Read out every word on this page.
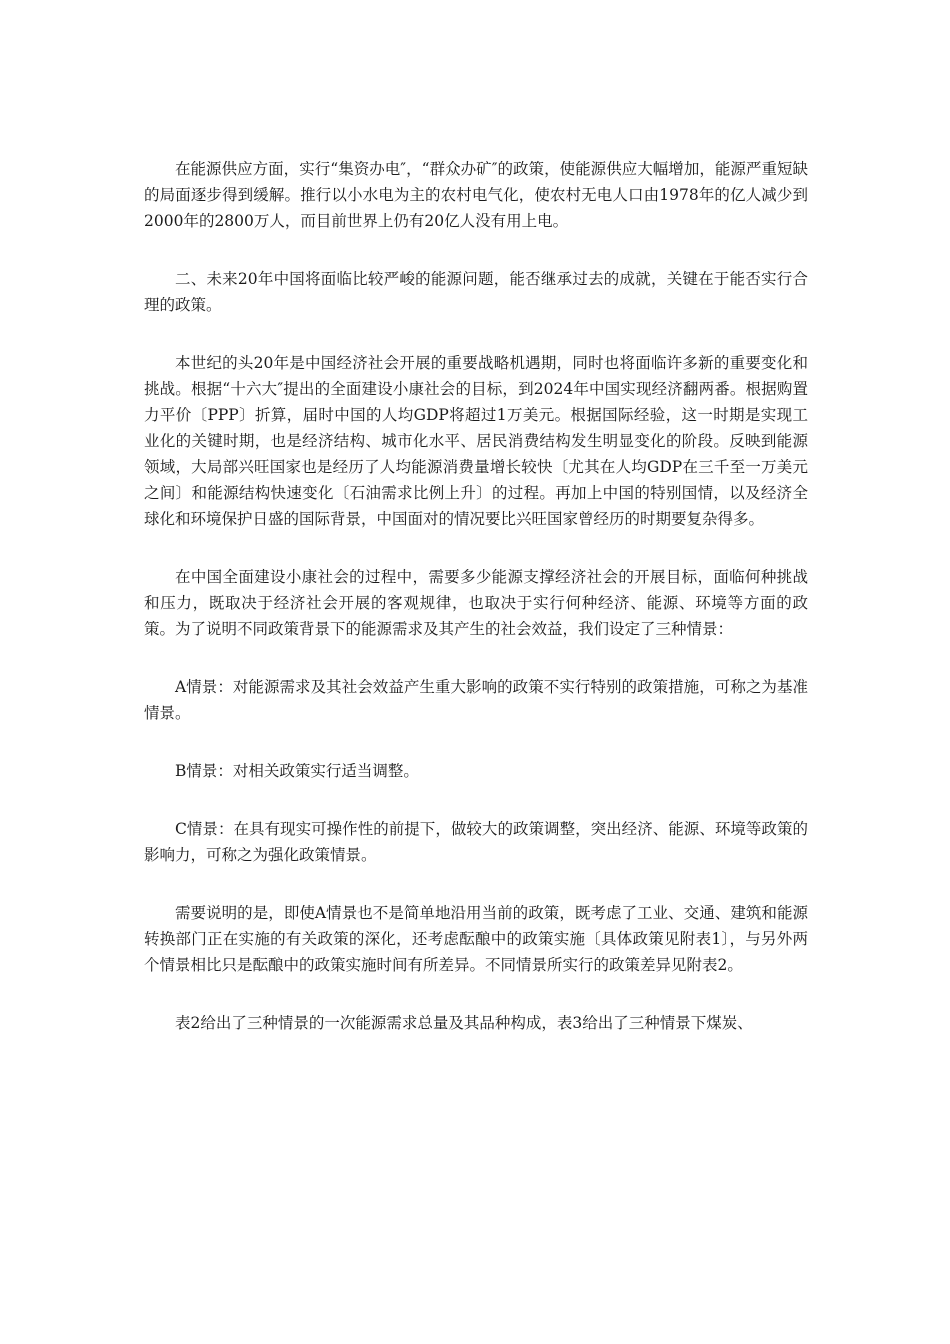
在能源供应方面，实行“集资办电″，“群众办矿″的政策，使能源供应大幅增加，能源严重短缺的局面逐步得到缓解。推行以小水电为主的农村电气化，使农村无电人口由1978年的亿人减少到2000年的2800万人，而目前世界上仍有20亿人没有用上电。

二、未来20年中国将面临比较严峻的能源问题，能否继承过去的成就，关键在于能否实行合理的政策。

本世纪的头20年是中国经济社会开展的重要战略机遇期，同时也将面临许多新的重要变化和挑战。根据“十六大″提出的全面建设小康社会的目标，到2024年中国实现经济翻两番。根据购置力平价〔PPP〕折算，届时中国的人均GDP将超过1万美元。根据国际经验，这一时期是实现工业化的关键时期，也是经济结构、城市化水平、居民消费结构发生明显变化的阶段。反映到能源领域，大局部兴旺国家也是经历了人均能源消费量增长较快〔尤其在人均GDP在三千至一万美元之间〕和能源结构快速变化〔石油需求比例上升〕的过程。再加上中国的特别国情，以及经济全球化和环境保护日盛的国际背景，中国面对的情况要比兴旺国家曾经历的时期要复杂得多。

在中国全面建设小康社会的过程中，需要多少能源支撑经济社会的开展目标，面临何种挑战和压力，既取决于经济社会开展的客观规律，也取决于实行何种经济、能源、环境等方面的政策。为了说明不同政策背景下的能源需求及其产生的社会效益，我们设定了三种情景：

A情景：对能源需求及其社会效益产生重大影响的政策不实行特别的政策措施，可称之为基准情景。

B情景：对相关政策实行适当调整。

C情景：在具有现实可操作性的前提下，做较大的政策调整，突出经济、能源、环境等政策的影响力，可称之为强化政策情景。

需要说明的是，即使A情景也不是简单地沿用当前的政策，既考虑了工业、交通、建筑和能源转换部门正在实施的有关政策的深化，还考虑酝酿中的政策实施〔具体政策见附表1〕，与另外两个情景相比只是酝酿中的政策实施时间有所差异。不同情景所实行的政策差异见附表2。

表2给出了三种情景的一次能源需求总量及其品种构成，表3给出了三种情景下煤炭、
